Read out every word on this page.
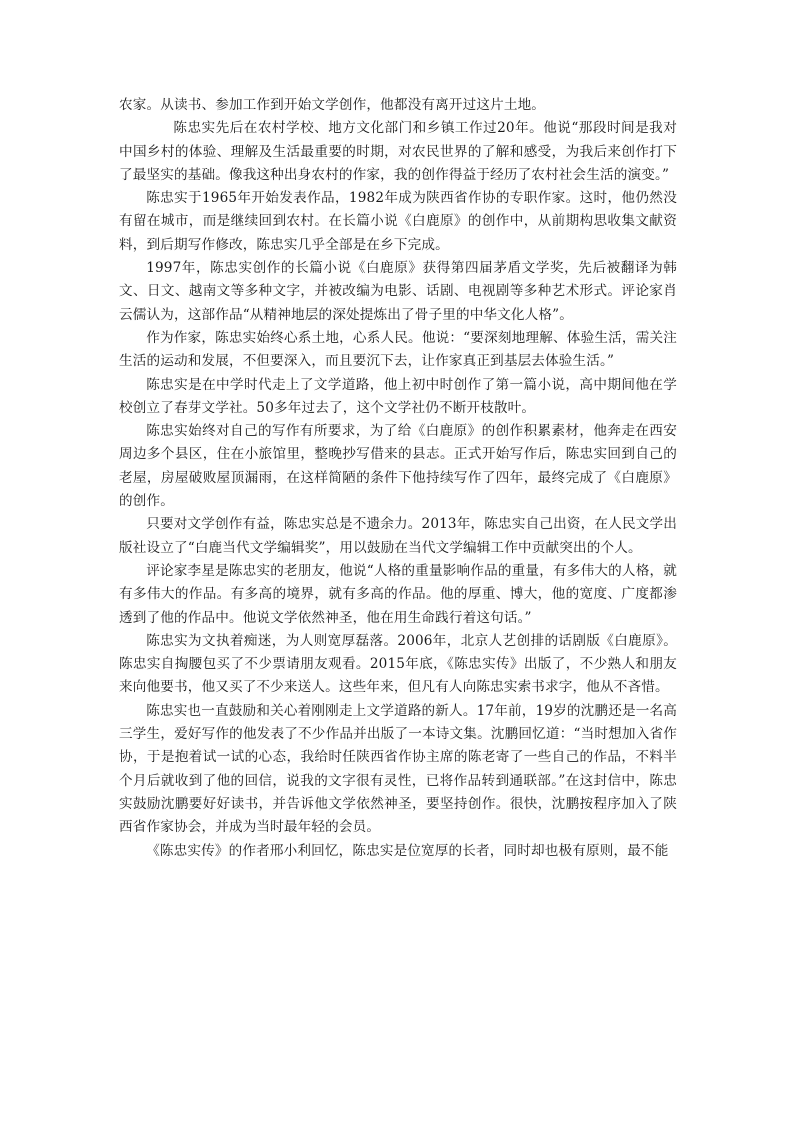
农家。从读书、参加工作到开始文学创作，他都没有离开过这片土地。

陈忠实先后在农村学校、地方文化部门和乡镇工作过20年。他说“那段时间是我对中国乡村的体验、理解及生活最重要的时期，对农民世界的了解和感受，为我后来创作打下了最坚实的基础。像我这种出身农村的作家，我的创作得益于经历了农村社会生活的演变。”

陈忠实于1965年开始发表作品，1982年成为陕西省作协的专职作家。这时，他仍然没有留在城市，而是继续回到农村。在长篇小说《白鹿原》的创作中，从前期构思收集文献资料，到后期写作修改，陈忠实几乎全部是在乡下完成。

1997年，陈忠实创作的长篇小说《白鹿原》获得第四届茅盾文学奖，先后被翻译为韩文、日文、越南文等多种文字，并被改编为电影、话剧、电视剧等多种艺术形式。评论家肖云儒认为，这部作品“从精神地层的深处提炼出了骨子里的中华文化人格”。

作为作家，陈忠实始终心系土地，心系人民。他说：“要深刻地理解、体验生活，需关注生活的运动和发展，不但要深入，而且要沉下去，让作家真正到基层去体验生活。”

陈忠实是在中学时代走上了文学道路，他上初中时创作了第一篇小说，高中期间他在学校创立了春芽文学社。50多年过去了，这个文学社仍不断开枝散叶。

陈忠实始终对自己的写作有所要求，为了给《白鹿原》的创作积累素材，他奔走在西安周边多个县区，住在小旅馆里，整晚抄写借来的县志。正式开始写作后，陈忠实回到自己的老屋，房屋破败屋顶漏雨，在这样简陋的条件下他持续写作了四年，最终完成了《白鹿原》的创作。

只要对文学创作有益，陈忠实总是不遗余力。2013年，陈忠实自己出资，在人民文学出版社设立了“白鹿当代文学编辑奖”，用以鼓励在当代文学编辑工作中贡献突出的个人。

评论家李星是陈忠实的老朋友，他说“人格的重量影响作品的重量，有多伟大的人格，就有多伟大的作品。有多高的境界，就有多高的作品。他的厚重、博大，他的宽度、广度都渗透到了他的作品中。他说文学依然神圣，他在用生命践行着这句话。”

陈忠实为文执着痴迷，为人则宽厚磊落。2006年，北京人艺创排的话剧版《白鹿原》。陈忠实自掏腰包买了不少票请朋友观看。2015年底，《陈忠实传》出版了，不少熟人和朋友来向他要书，他又买了不少来送人。这些年来，但凡有人向陈忠实索书求字，他从不吝惜。

陈忠实也一直鼓励和关心着刚刚走上文学道路的新人。17年前，19岁的沈鹏还是一名高三学生，爱好写作的他发表了不少作品并出版了一本诗文集。沈鹏回忆道：“当时想加入省作协，于是抱着试一试的心态，我给时任陕西省作协主席的陈老寄了一些自己的作品，不料半个月后就收到了他的回信，说我的文字很有灵性，已将作品转到通联部。”在这封信中，陈忠实鼓励沈鹏要好好读书，并告诉他文学依然神圣，要坚持创作。很快，沈鹏按程序加入了陕西省作家协会，并成为当时最年轻的会员。

《陈忠实传》的作者邢小利回忆，陈忠实是位宽厚的长者，同时却也极有原则，最不能
